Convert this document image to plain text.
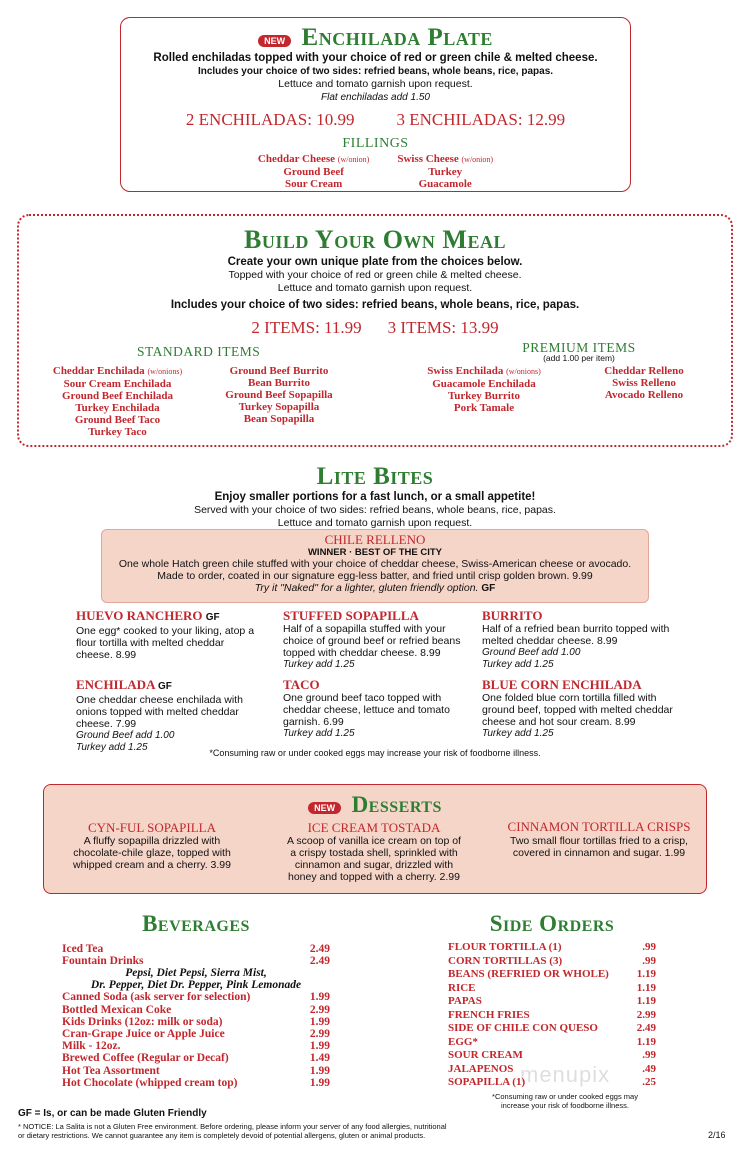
NEW Enchilada Plate
Rolled enchiladas topped with your choice of red or green chile & melted cheese.
Includes your choice of two sides: refried beans, whole beans, rice, papas.
Lettuce and tomato garnish upon request.
Flat enchiladas add 1.50
2 ENCHILADAS: 10.99 3 ENCHILADAS: 12.99
FILLINGS
Cheddar Cheese (w/onion)
Ground Beef
Sour Cream
Swiss Cheese (w/onion)
Turkey
Guacamole
Build Your Own Meal
Create your own unique plate from the choices below.
Topped with your choice of red or green chile & melted cheese.
Lettuce and tomato garnish upon request.
Includes your choice of two sides: refried beans, whole beans, rice, papas.
2 ITEMS: 11.99 3 ITEMS: 13.99
STANDARD ITEMS
Cheddar Enchilada (w/onions)
Sour Cream Enchilada
Ground Beef Enchilada
Turkey Enchilada
Ground Beef Taco
Turkey Taco
Ground Beef Burrito
Bean Burrito
Ground Beef Sopapilla
Turkey Sopapilla
Bean Sopapilla
PREMIUM ITEMS
(add 1.00 per item)
Swiss Enchilada (w/onions)
Guacamole Enchilada
Turkey Burrito
Pork Tamale
Cheddar Relleno
Swiss Relleno
Avocado Relleno
Lite Bites
Enjoy smaller portions for a fast lunch, or a small appetite!
Served with your choice of two sides: refried beans, whole beans, rice, papas.
Lettuce and tomato garnish upon request.
CHILE RELLENO
WINNER · BEST OF THE CITY
One whole Hatch green chile stuffed with your choice of cheddar cheese, Swiss-American cheese or avocado.
Made to order, coated in our signature egg-less batter, and fried until crisp golden brown. 9.99
Try it "Naked" for a lighter, gluten friendly option. GF
HUEVO RANCHERO GF
One egg* cooked to your liking, atop a flour tortilla with melted cheddar cheese. 8.99
STUFFED SOPAPILLA
Half of a sopapilla stuffed with your choice of ground beef or refried beans topped with cheddar cheese. 8.99
Turkey add 1.25
BURRITO
Half of a refried bean burrito topped with melted cheddar cheese. 8.99
Ground Beef add 1.00
Turkey add 1.25
ENCHILADA GF
One cheddar cheese enchilada with onions topped with melted cheddar cheese. 7.99
Ground Beef add 1.00
Turkey add 1.25
TACO
One ground beef taco topped with cheddar cheese, lettuce and tomato garnish. 6.99
Turkey add 1.25
BLUE CORN ENCHILADA
One folded blue corn tortilla filled with ground beef, topped with melted cheddar cheese and hot sour cream. 8.99
Turkey add 1.25
*Consuming raw or under cooked eggs may increase your risk of foodborne illness.
NEW Desserts
CYN-FUL SOPAPILLA
A fluffy sopapilla drizzled with chocolate-chile glaze, topped with whipped cream and a cherry. 3.99
ICE CREAM TOSTADA
A scoop of vanilla ice cream on top of a crispy tostada shell, sprinkled with cinnamon and sugar, drizzled with honey and topped with a cherry. 2.99
CINNAMON TORTILLA CRISPS
Two small flour tortillas fried to a crisp, covered in cinnamon and sugar. 1.99
Beverages
Iced Tea	2.49
Fountain Drinks	2.49
Pepsi, Diet Pepsi, Sierra Mist,
Dr. Pepper, Diet Dr. Pepper, Pink Lemonade
Canned Soda (ask server for selection)	1.99
Bottled Mexican Coke	2.99
Kids Drinks (12oz: milk or soda)	1.99
Cran-Grape Juice or Apple Juice	2.99
Milk - 12oz.	1.99
Brewed Coffee (Regular or Decaf)	1.49
Hot Tea Assortment	1.99
Hot Chocolate (whipped cream top)	1.99
Side Orders
FLOUR TORTILLA (1)	.99
CORN TORTILLAS (3)	.99
BEANS (REFRIED OR WHOLE)	1.19
RICE	1.19
PAPAS	1.19
FRENCH FRIES	2.99
SIDE OF CHILE CON QUESO	2.49
EGG*	1.19
SOUR CREAM	.99
JALAPENOS	.49
SOPAPILLA (1)	.25
*Consuming raw or under cooked eggs may
increase your risk of foodborne illness.
menupix
GF = Is, or can be made Gluten Friendly
* NOTICE: La Salita is not a Gluten Free environment. Before ordering, please inform your server of any food allergies, nutritional
or dietary restrictions. We cannot guarantee any item is completely devoid of potential allergens, gluten or animal products.	2/16
